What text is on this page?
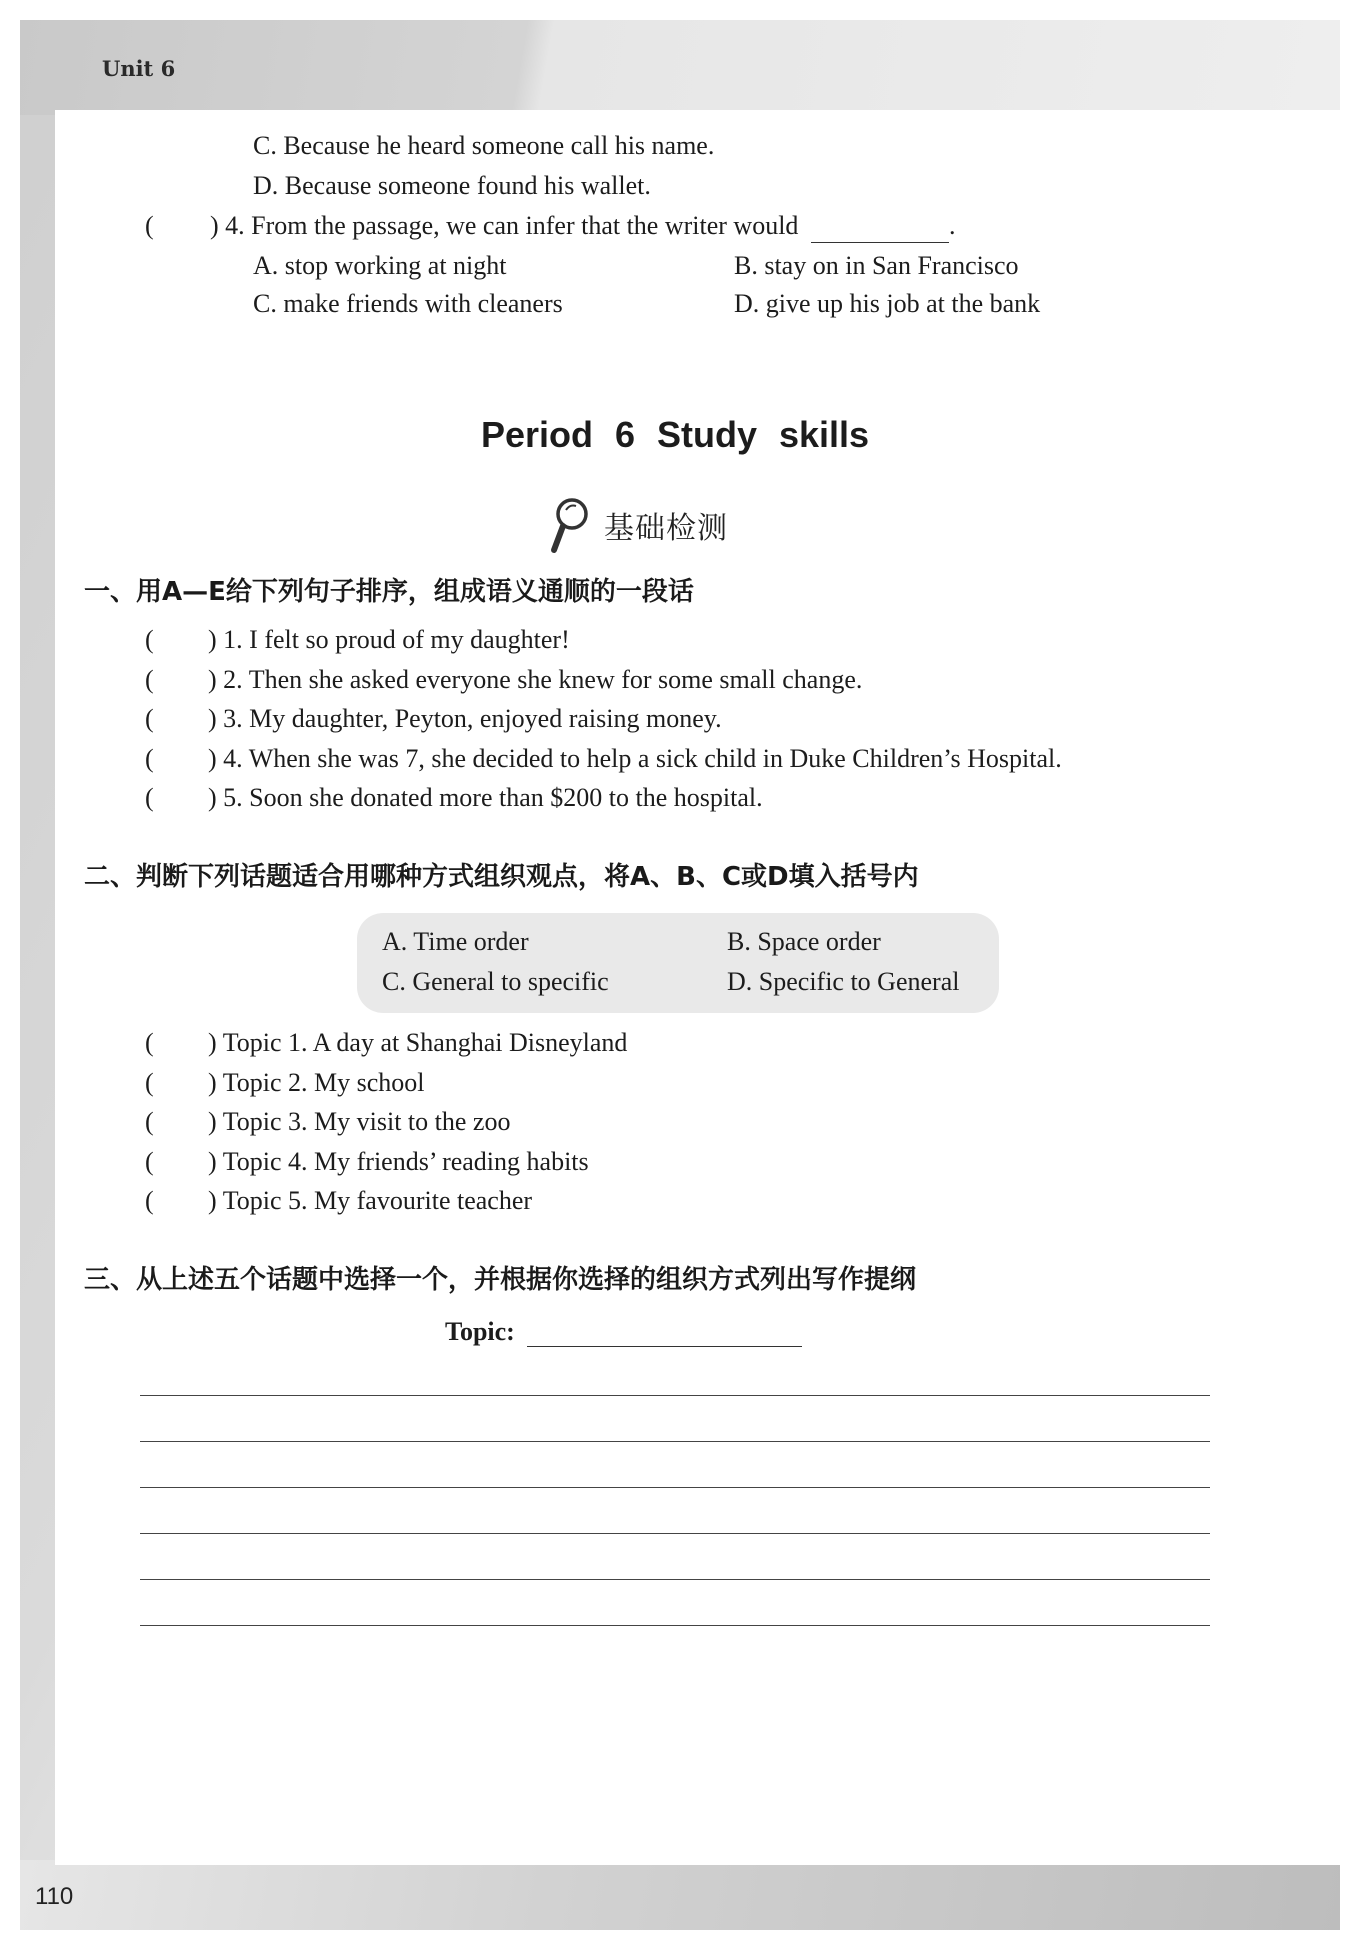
Unit 6
110
C. Because he heard someone call his name.
D. Because someone found his wallet.
( ) 4. From the passage, we can infer that the writer would	.
A. stop working at night	B. stay on in San Francisco
C. make friends with cleaners	D. give up his job at the bank
Period 6 Study skills
基础检测
一、用A—E给下列句子排序，组成语义通顺的一段话
( ) 1. I felt so proud of my daughter!
( ) 2. Then she asked everyone she knew for some small change.
( ) 3. My daughter, Peyton, enjoyed raising money.
( ) 4. When she was 7, she decided to help a sick child in Duke Children’s Hospital.
( ) 5. Soon she donated more than $200 to the hospital.
二、判断下列话题适合用哪种方式组织观点，将A、B、C或D填入括号内
A. Time order	B. Space order
C. General to specific	D. Specific to General
( ) Topic 1. A day at Shanghai Disneyland
( ) Topic 2. My school
( ) Topic 3. My visit to the zoo
( ) Topic 4. My friends’ reading habits
( ) Topic 5. My favourite teacher
三、从上述五个话题中选择一个，并根据你选择的组织方式列出写作提纲
Topic:
